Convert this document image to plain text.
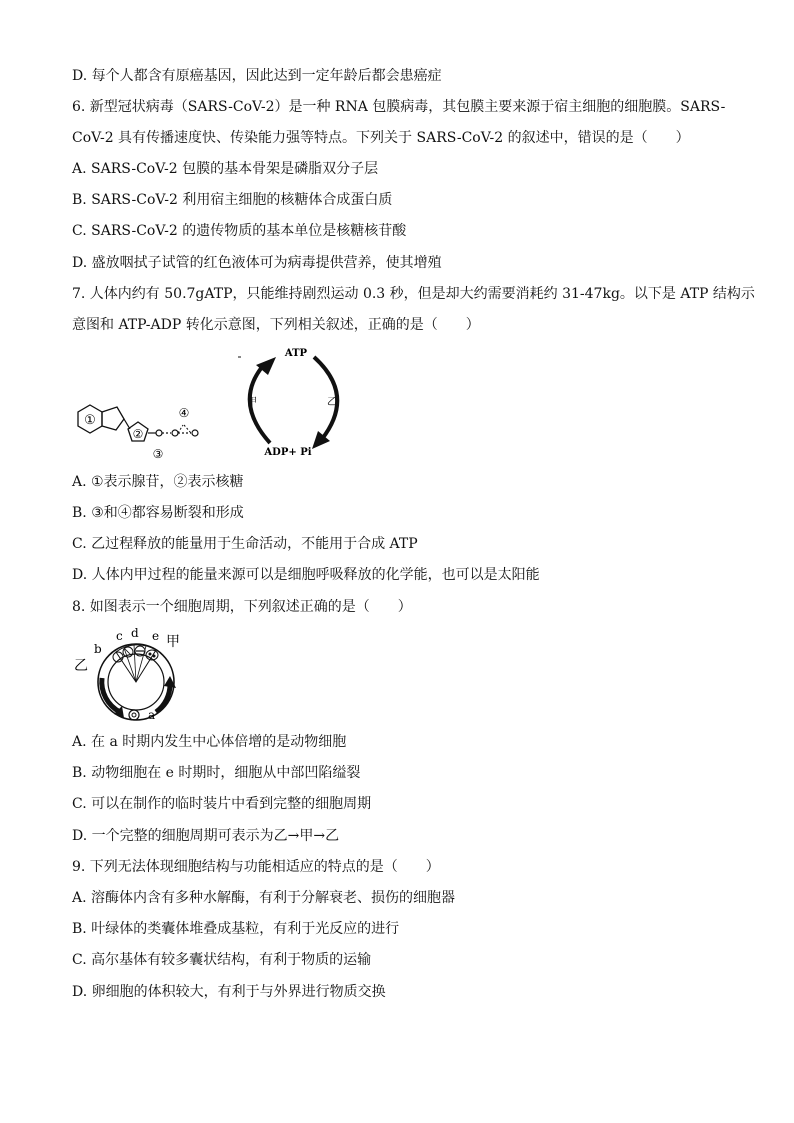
D. 每个人都含有原癌基因，因此达到一定年龄后都会患癌症
6. 新型冠状病毒（SARS-CoV-2）是一种 RNA 包膜病毒，其包膜主要来源于宿主细胞的细胞膜。SARS-
CoV-2 具有传播速度快、传染能力强等特点。下列关于 SARS-CoV-2 的叙述中，错误的是（　　）
A. SARS-CoV-2 包膜的基本骨架是磷脂双分子层
B. SARS-CoV-2 利用宿主细胞的核糖体合成蛋白质
C. SARS-CoV-2 的遗传物质的基本单位是核糖核苷酸
D. 盛放咽拭子试管的红色液体可为病毒提供营养，使其增殖
7. 人体内约有 50.7gATP，只能维持剧烈运动 0.3 秒，但是却大约需要消耗约 31-47kg。以下是 ATP 结构示
意图和 ATP-ADP 转化示意图，下列相关叙述，正确的是（　　）
①
②
④
③
ATP
ADP+ Pi
甲	乙
A. ①表示腺苷，②表示核糖
B. ③和④都容易断裂和形成
C. 乙过程释放的能量用于生命活动，不能用于合成 ATP
D. 人体内甲过程的能量来源可以是细胞呼吸释放的化学能，也可以是太阳能
8. 如图表示一个细胞周期，下列叙述正确的是（　　）
a
b
c d e 甲
乙
A. 在 a 时期内发生中心体倍增的是动物细胞
B. 动物细胞在 e 时期时，细胞从中部凹陷缢裂
C. 可以在制作的临时装片中看到完整的细胞周期
D. 一个完整的细胞周期可表示为乙→甲→乙
9. 下列无法体现细胞结构与功能相适应的特点的是（　　）
A. 溶酶体内含有多种水解酶，有利于分解衰老、损伤的细胞器
B. 叶绿体的类囊体堆叠成基粒，有利于光反应的进行
C. 高尔基体有较多囊状结构，有利于物质的运输
D. 卵细胞的体积较大，有利于与外界进行物质交换
